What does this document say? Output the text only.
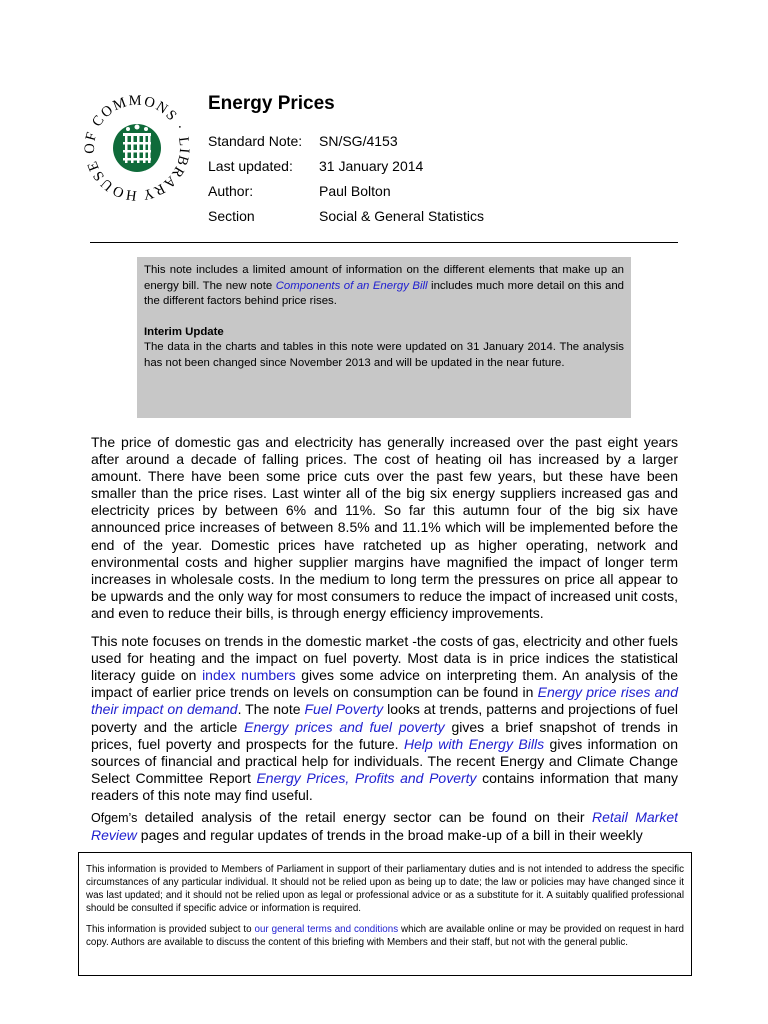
HOUSE OF COMMONS · LIBRARY
Energy Prices
Standard Note:	SN/SG/4153
Last updated:	31 January 2014
Author:	Paul Bolton
Section	Social & General Statistics

This note includes a limited amount of information on the different elements that make up an energy bill. The new note Components of an Energy Bill includes much more detail on this and the different factors behind price rises.

Interim Update

The data in the charts and tables in this note were updated on 31 January 2014. The analysis has not been changed since November 2013 and will be updated in the near future.

The price of domestic gas and electricity has generally increased over the past eight years after around a decade of falling prices. The cost of heating oil has increased by a larger amount. There have been some price cuts over the past few years, but these have been smaller than the price rises. Last winter all of the big six energy suppliers increased gas and electricity prices by between 6% and 11%. So far this autumn four of the big six have announced price increases of between 8.5% and 11.1% which will be implemented before the end of the year. Domestic prices have ratcheted up as higher operating, network and environmental costs and higher supplier margins have magnified the impact of longer term increases in wholesale costs. In the medium to long term the pressures on price all appear to be upwards and the only way for most consumers to reduce the impact of increased unit costs, and even to reduce their bills, is through energy efficiency improvements.

This note focuses on trends in the domestic market -the costs of gas, electricity and other fuels used for heating and the impact on fuel poverty. Most data is in price indices the statistical literacy guide on index numbers gives some advice on interpreting them. An analysis of the impact of earlier price trends on levels on consumption can be found in Energy price rises and their impact on demand. The note Fuel Poverty looks at trends, patterns and projections of fuel poverty and the article Energy prices and fuel poverty gives a brief snapshot of trends in prices, fuel poverty and prospects for the future. Help with Energy Bills gives information on sources of financial and practical help for individuals. The recent Energy and Climate Change Select Committee Report Energy Prices, Profits and Poverty contains information that many readers of this note may find useful.

Ofgem’s detailed analysis of the retail energy sector can be found on their Retail Market Review pages and regular updates of trends in the broad make-up of a bill in their weekly

This information is provided to Members of Parliament in support of their parliamentary duties and is not intended to address the specific circumstances of any particular individual. It should not be relied upon as being up to date; the law or policies may have changed since it was last updated; and it should not be relied upon as legal or professional advice or as a substitute for it. A suitably qualified professional should be consulted if specific advice or information is required.

This information is provided subject to our general terms and conditions which are available online or may be provided on request in hard copy. Authors are available to discuss the content of this briefing with Members and their staff, but not with the general public.
